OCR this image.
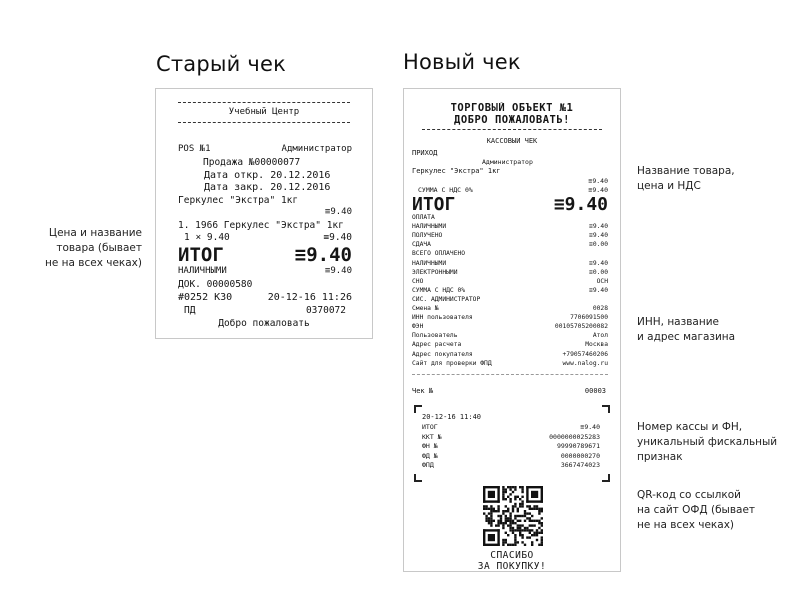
Старый чек	Новый чек
Цена и название
товара (бывает
не на всех чеках)
Название товара,
цена и НДС
ИНН, название
и адрес магазина
Номер кассы и ФН,
уникальный фискальный
признак
QR-код со ссылкой
на сайт ОФД (бывает
не на всех чеках)
Учебный Центр
POS №1	Администратор
Продажа №00000077
Дата откр. 20.12.2016
Дата закр. 20.12.2016
Геркулес "Экстра" 1кг
≡9.40
1. 1966 Геркулес "Экстра" 1кг
1 × 9.40	≡9.40
ИТОГ	≡9.40
НАЛИЧНЫМИ	≡9.40
ДОК. 00000580
#0252 К30	20-12-16 11:26
ПД	0370072
Добро пожаловать
ТОРГОВЫЙ ОБЪЕКТ №1
ДОБРО ПОЖАЛОВАТЬ!
КАССОВЫЙ ЧЕК
ПРИХОД
Администратор
Геркулес "Экстра" 1кг
≡9.40
СУММА С НДС 0%	≡9.40
ИТОГ	≡9.40
ОПЛАТА
НАЛИЧНЫМИ	≡9.40
ПОЛУЧЕНО	≡9.40
СДАЧА	≡0.00
ВСЕГО ОПЛАЧЕНО
НАЛИЧНЫМИ	≡9.40
ЭЛЕКТРОННЫМИ	≡0.00
СНО	ОСН
СУММА С НДС 0%	≡9.40
СИС. АДМИНИСТРАТОР
Смена №	0028
ИНН пользователя	7706091500
ФЭН	00105705200082
Пользователь	Атол
Адрес расчета	Москва
Адрес покупателя	+79057460206
Сайт для проверки ФПД	www.nalog.ru
Чек №	00003
20-12-16 11:40
ИТОГ	≡9.40
ККТ №	0000000025283
ФН №	99990789671
ФД №	0000000270
ФПД	3667474023
СПАСИБО
ЗА ПОКУПКУ!
